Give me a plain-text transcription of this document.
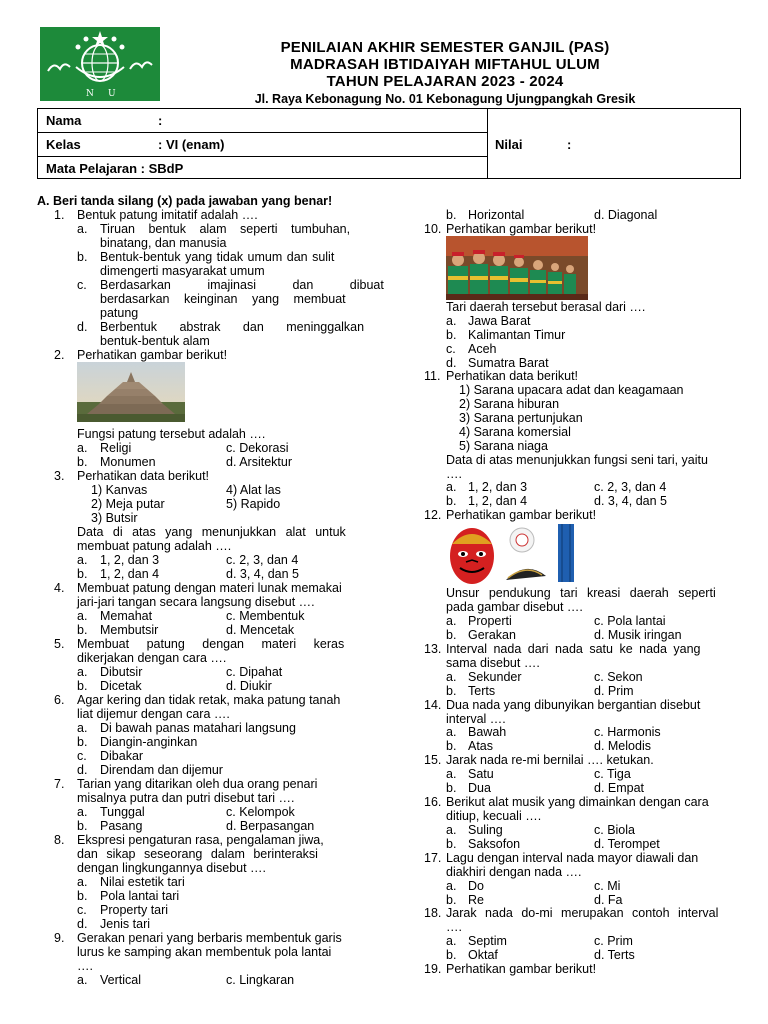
N U
PENILAIAN AKHIR SEMESTER GANJIL (PAS)
MADRASAH IBTIDAIYAH MIFTAHUL ULUM
TAHUN PELAJARAN 2023 - 2024
Jl. Raya Kebonagung No. 01 Kebonagung Ujungpangkah Gresik
Nama	:
Kelas	: VI (enam)
Mata Pelajaran : SBdP
Nilai	:
A. Beri tanda silang (x) pada jawaban yang benar!
1. Bentuk patung imitatif adalah ….
a. Tiruan bentuk alam seperti tumbuhan,
binatang, dan manusia
b. Bentuk-bentuk yang tidak umum dan sulit
dimengerti masyarakat umum
c. Berdasarkan imajinasi dan dibuat
berdasarkan keinginan yang membuat
patung
d. Berbentuk abstrak dan meninggalkan
bentuk-bentuk alam
2. Perhatikan gambar berikut!
Fungsi patung tersebut adalah ….
a. Religi	c. Dekorasi
b. Monumen	d. Arsitektur
3. Perhatikan data berikut!
1) Kanvas	4) Alat las
2) Meja putar	5) Rapido
3) Butsir
Data di atas yang menunjukkan alat untuk
membuat patung adalah ….
a. 1, 2, dan 3	c. 2, 3, dan 4
b. 1, 2, dan 4	d. 3, 4, dan 5
4. Membuat patung dengan materi lunak memakai
jari-jari tangan secara langsung disebut ….
a. Memahat	c. Membentuk
b. Membutsir	d. Mencetak
5. Membuat patung dengan materi keras
dikerjakan dengan cara ….
a. Dibutsir	c. Dipahat
b. Dicetak	d. Diukir
6. Agar kering dan tidak retak, maka patung tanah
liat dijemur dengan cara ….
a. Di bawah panas matahari langsung
b. Diangin-anginkan
c. Dibakar
d. Direndam dan dijemur
7. Tarian yang ditarikan oleh dua orang penari
misalnya putra dan putri disebut tari ….
a. Tunggal	c. Kelompok
b. Pasang	d. Berpasangan
8. Ekspresi pengaturan rasa, pengalaman jiwa,
dan sikap seseorang dalam berinteraksi
dengan lingkungannya disebut ….
a. Nilai estetik tari
b. Pola lantai tari
c. Property tari
d. Jenis tari
9. Gerakan penari yang berbaris membentuk garis
lurus ke samping akan membentuk pola lantai
….
a. Vertical	c. Lingkaran
b. Horizontal	d. Diagonal
10. Perhatikan gambar berikut!
Tari daerah tersebut berasal dari ….
a. Jawa Barat
b. Kalimantan Timur
c. Aceh
d. Sumatra Barat
11. Perhatikan data berikut!
1) Sarana upacara adat dan keagamaan
2) Sarana hiburan
3) Sarana pertunjukan
4) Sarana komersial
5) Sarana niaga
Data di atas menunjukkan fungsi seni tari, yaitu
….
a. 1, 2, dan 3	c. 2, 3, dan 4
b. 1, 2, dan 4	d. 3, 4, dan 5
12. Perhatikan gambar berikut!
Unsur pendukung tari kreasi daerah seperti
pada gambar disebut ….
a. Properti	c. Pola lantai
b. Gerakan	d. Musik iringan
13. Interval nada dari nada satu ke nada yang
sama disebut ….
a. Sekunder	c. Sekon
b. Terts	d. Prim
14. Dua nada yang dibunyikan bergantian disebut
interval ….
a. Bawah	c. Harmonis
b. Atas	d. Melodis
15. Jarak nada re-mi bernilai …. ketukan.
a. Satu	c. Tiga
b. Dua	d. Empat
16. Berikut alat musik yang dimainkan dengan cara
ditiup, kecuali ….
a. Suling	c. Biola
b. Saksofon	d. Terompet
17. Lagu dengan interval nada mayor diawali dan
diakhiri dengan nada ….
a. Do	c. Mi
b. Re	d. Fa
18. Jarak nada do-mi merupakan contoh interval
….
a. Septim	c. Prim
b. Oktaf	d. Terts
19. Perhatikan gambar berikut!
